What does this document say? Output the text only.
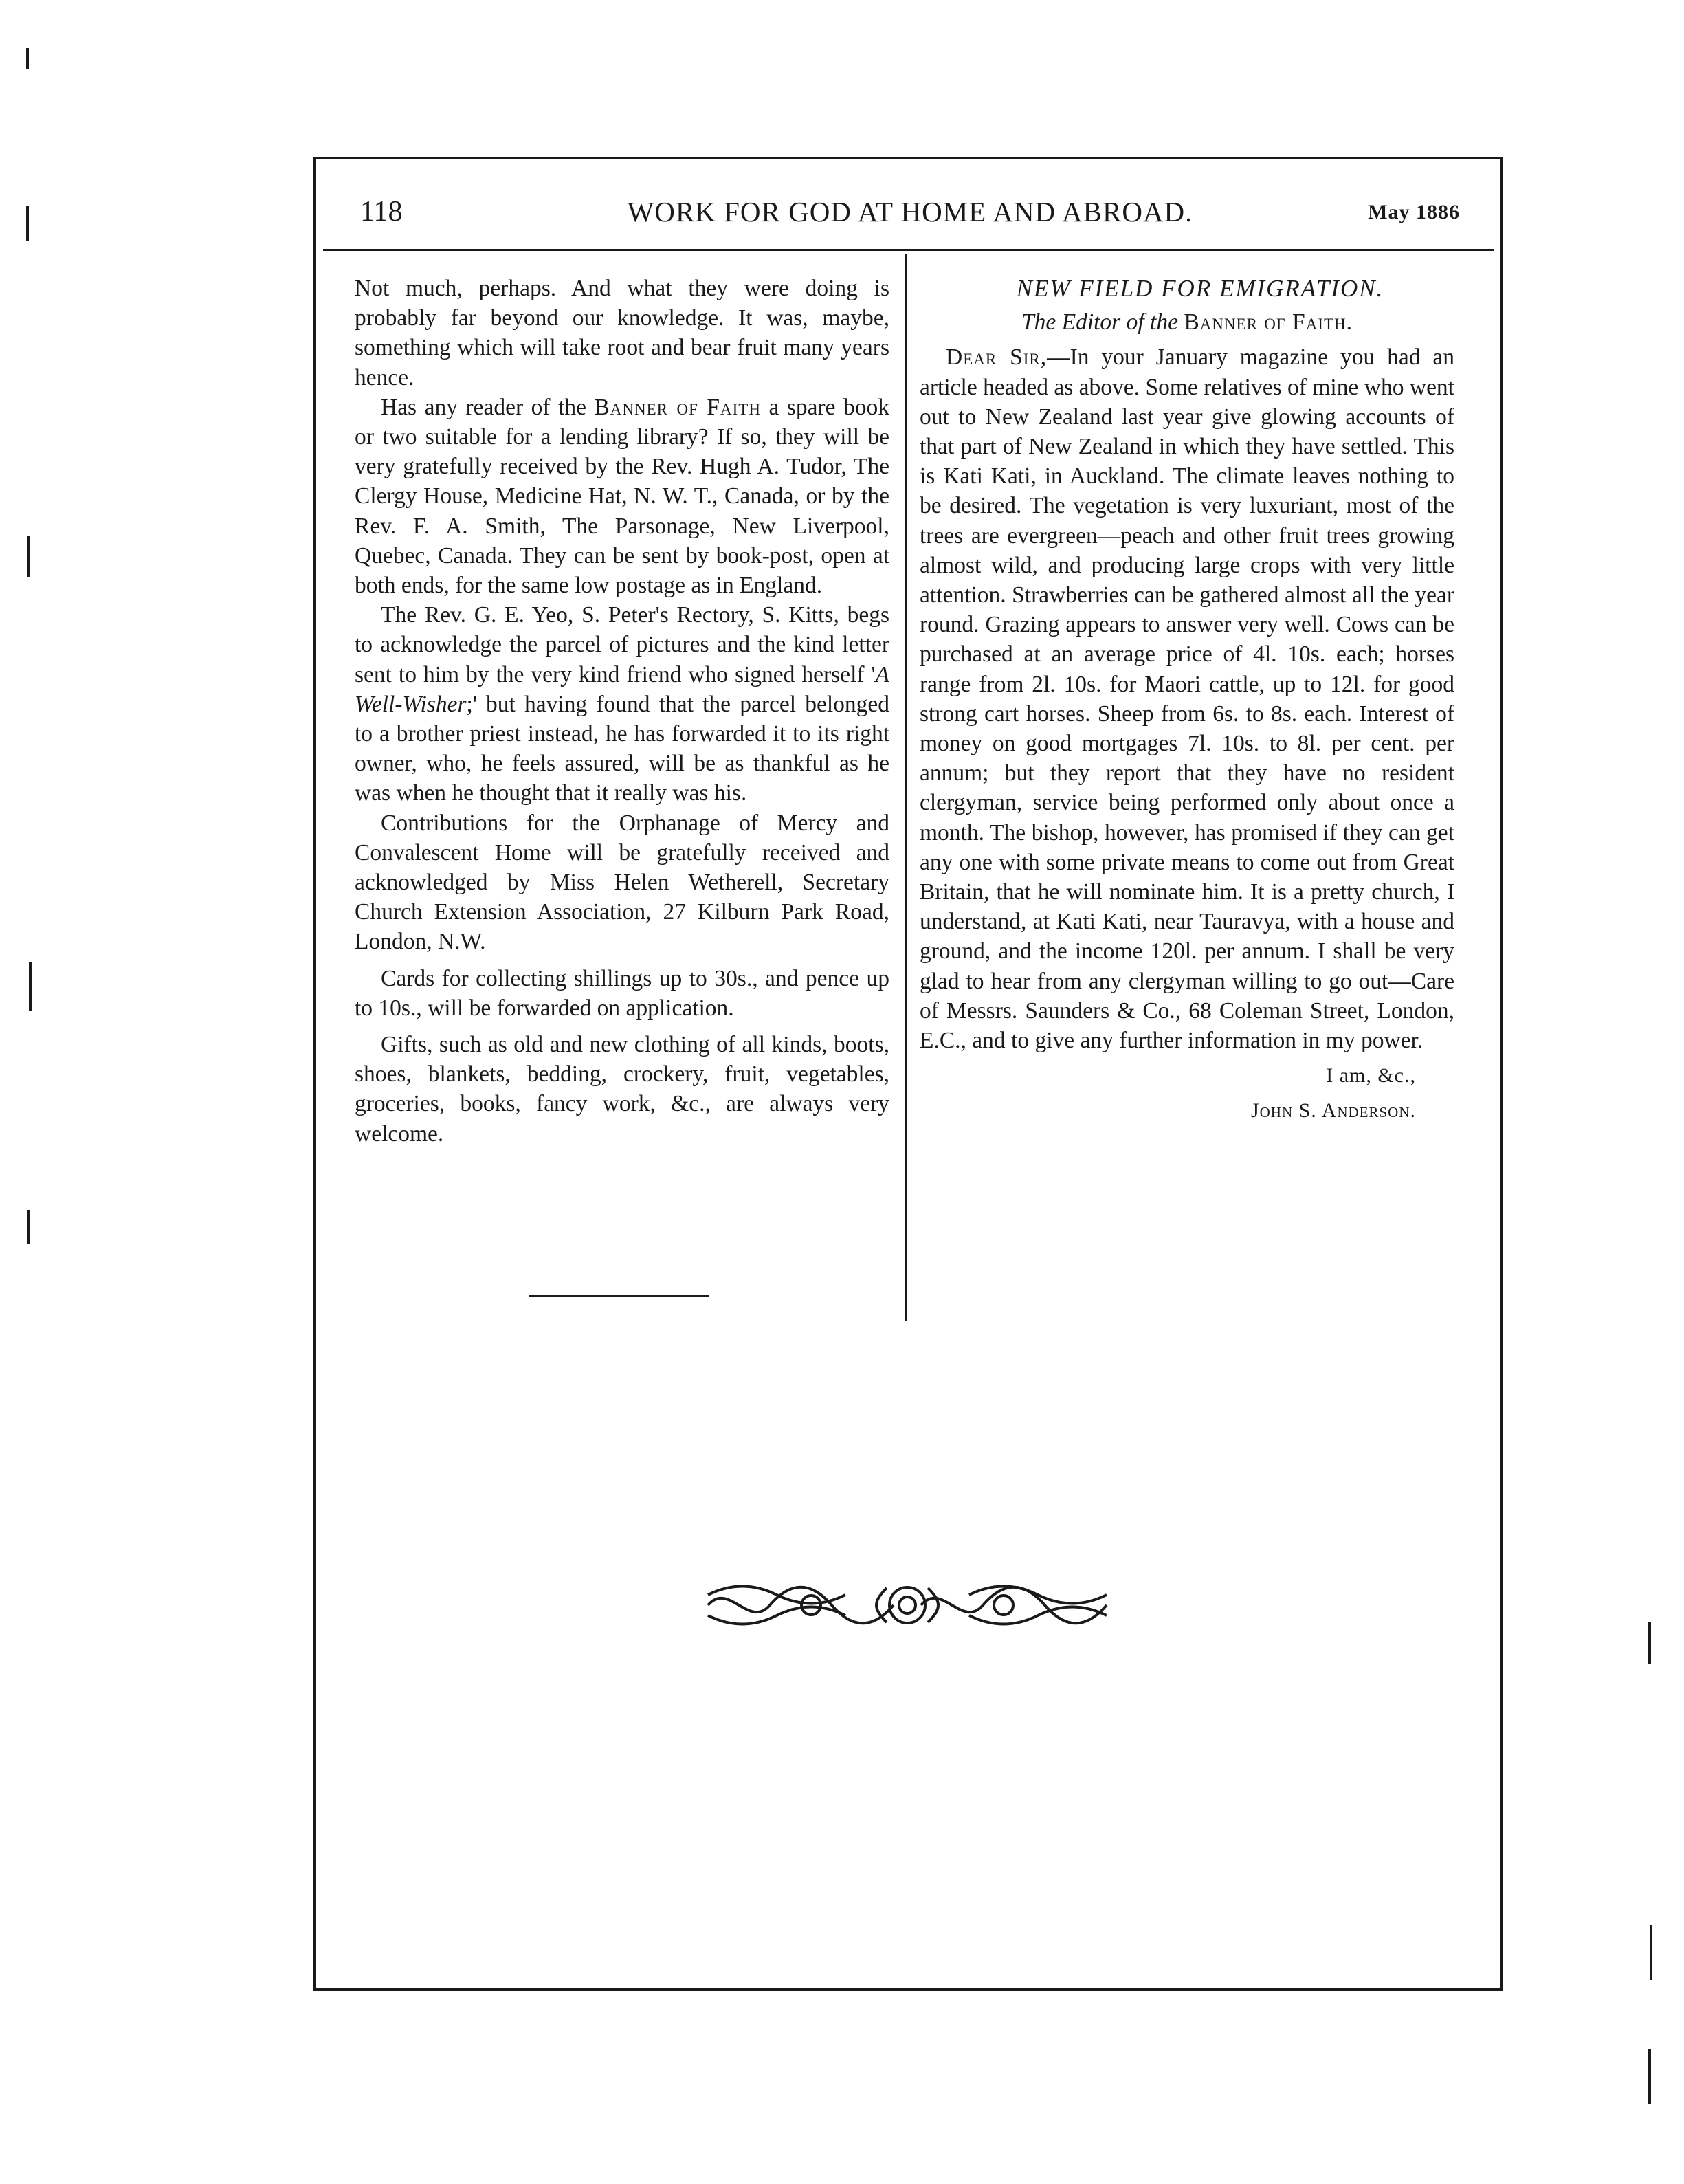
118	WORK FOR GOD AT HOME AND ABROAD.	May 1886

Not much, perhaps. And what they were doing is probably far beyond our knowledge. It was, maybe, something which will take root and bear fruit many years hence.

Has any reader of the Banner of Faith a spare book or two suitable for a lending library? If so, they will be very gratefully received by the Rev. Hugh A. Tudor, The Clergy House, Medicine Hat, N. W. T., Canada, or by the Rev. F. A. Smith, The Parsonage, New Liverpool, Quebec, Canada. They can be sent by book-post, open at both ends, for the same low postage as in England.

The Rev. G. E. Yeo, S. Peter's Rectory, S. Kitts, begs to acknowledge the parcel of pictures and the kind letter sent to him by the very kind friend who signed herself 'A Well-Wisher;' but having found that the parcel belonged to a brother priest instead, he has forwarded it to its right owner, who, he feels assured, will be as thankful as he was when he thought that it really was his.

Contributions for the Orphanage of Mercy and Convalescent Home will be gratefully received and acknowledged by Miss Helen Wetherell, Secretary Church Extension Association, 27 Kilburn Park Road, London, N.W.

Cards for collecting shillings up to 30s., and pence up to 10s., will be forwarded on application.

Gifts, such as old and new clothing of all kinds, boots, shoes, blankets, bedding, crockery, fruit, vegetables, groceries, books, fancy work, &c., are always very welcome.

NEW FIELD FOR EMIGRATION.

The Editor of the Banner of Faith.

Dear Sir,—In your January magazine you had an article headed as above. Some relatives of mine who went out to New Zealand last year give glowing accounts of that part of New Zealand in which they have settled. This is Kati Kati, in Auckland. The climate leaves nothing to be desired. The vegetation is very luxuriant, most of the trees are evergreen—peach and other fruit trees growing almost wild, and producing large crops with very little attention. Strawberries can be gathered almost all the year round. Grazing appears to answer very well. Cows can be purchased at an average price of 4l. 10s. each; horses range from 2l. 10s. for Maori cattle, up to 12l. for good strong cart horses. Sheep from 6s. to 8s. each. Interest of money on good mortgages 7l. 10s. to 8l. per cent. per annum; but they report that they have no resident clergyman, service being performed only about once a month. The bishop, however, has promised if they can get any one with some private means to come out from Great Britain, that he will nominate him. It is a pretty church, I understand, at Kati Kati, near Tauravya, with a house and ground, and the income 120l. per annum. I shall be very glad to hear from any clergyman willing to go out—Care of Messrs. Saunders & Co., 68 Coleman Street, London, E.C., and to give any further information in my power.

I am, &c.,
John S. Anderson.
